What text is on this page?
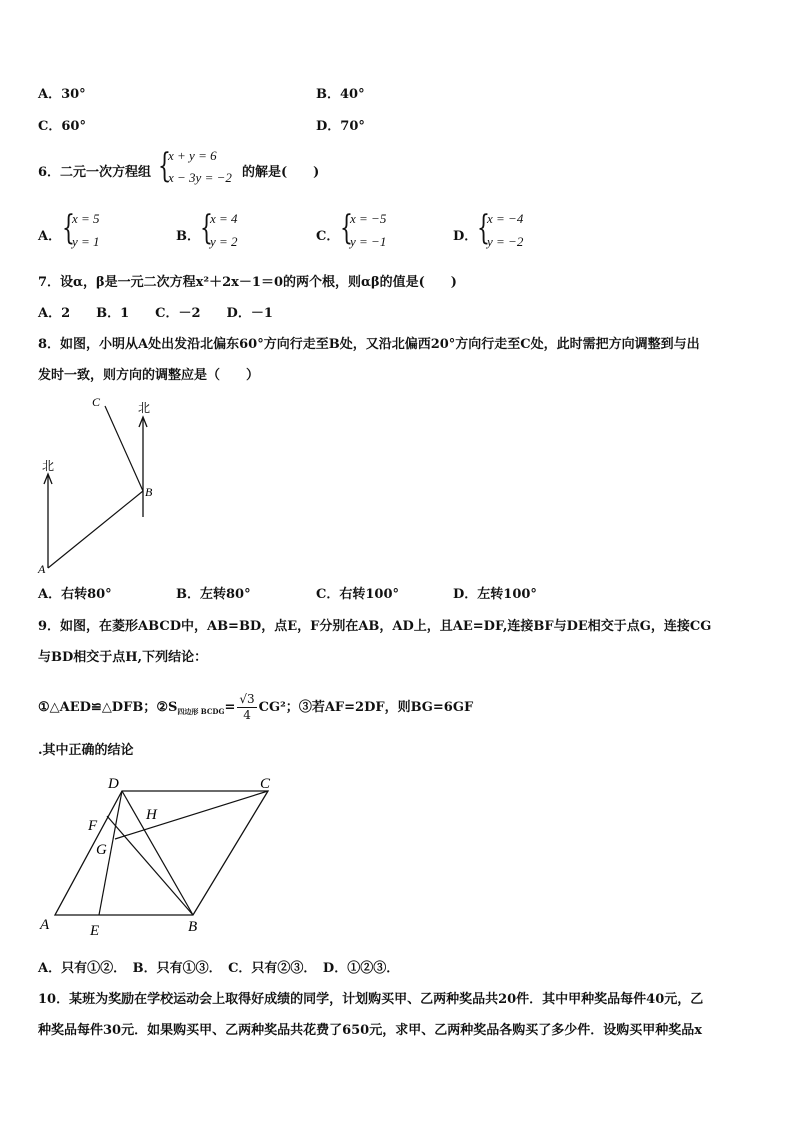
A．30°	B．40°
C．60°	D．70°
6．二元一次方程组 {
x + y = 6
x − 3y = −2 的解是(　　)
A． {
x = 5
y = 1	B． {
x = 4
y = 2	C． {
x = −5
y = −1	D． {
x = −4
y = −2
7．设α，β是一元二次方程x²＋2x－1＝0的两个根，则αβ的值是(　　)
A．2　　B．1　　C．－2　　D．－1
8．如图，小明从A处出发沿北偏东60°方向行走至B处，又沿北偏西20°方向行走至C处，此时需把方向调整到与出
发时一致，则方向的调整应是（　　）
北
北
A
B
C
A．右转80°	B．左转80°	C．右转100°	D．左转100°
9．如图，在菱形ABCD中，AB=BD，点E，F分别在AB，AD上，且AE=DF,连接BF与DE相交于点G，连接CG
与BD相交于点H,下列结论：
①△AED≌△DFB；$②S_{四边形 BCDG}= \frac{√3}{4} CG^2$；③若AF=2DF，则BG=6GF
.其中正确的结论
D	C
H
F
G
A	E	B
A．只有①②．　B．只有①③．　C．只有②③．　D．①②③．
10．某班为奖励在学校运动会上取得好成绩的同学，计划购买甲、乙两种奖品共20件．其中甲种奖品每件40元，乙
种奖品每件30元．如果购买甲、乙两种奖品共花费了650元，求甲、乙两种奖品各购买了多少件．设购买甲种奖品x
